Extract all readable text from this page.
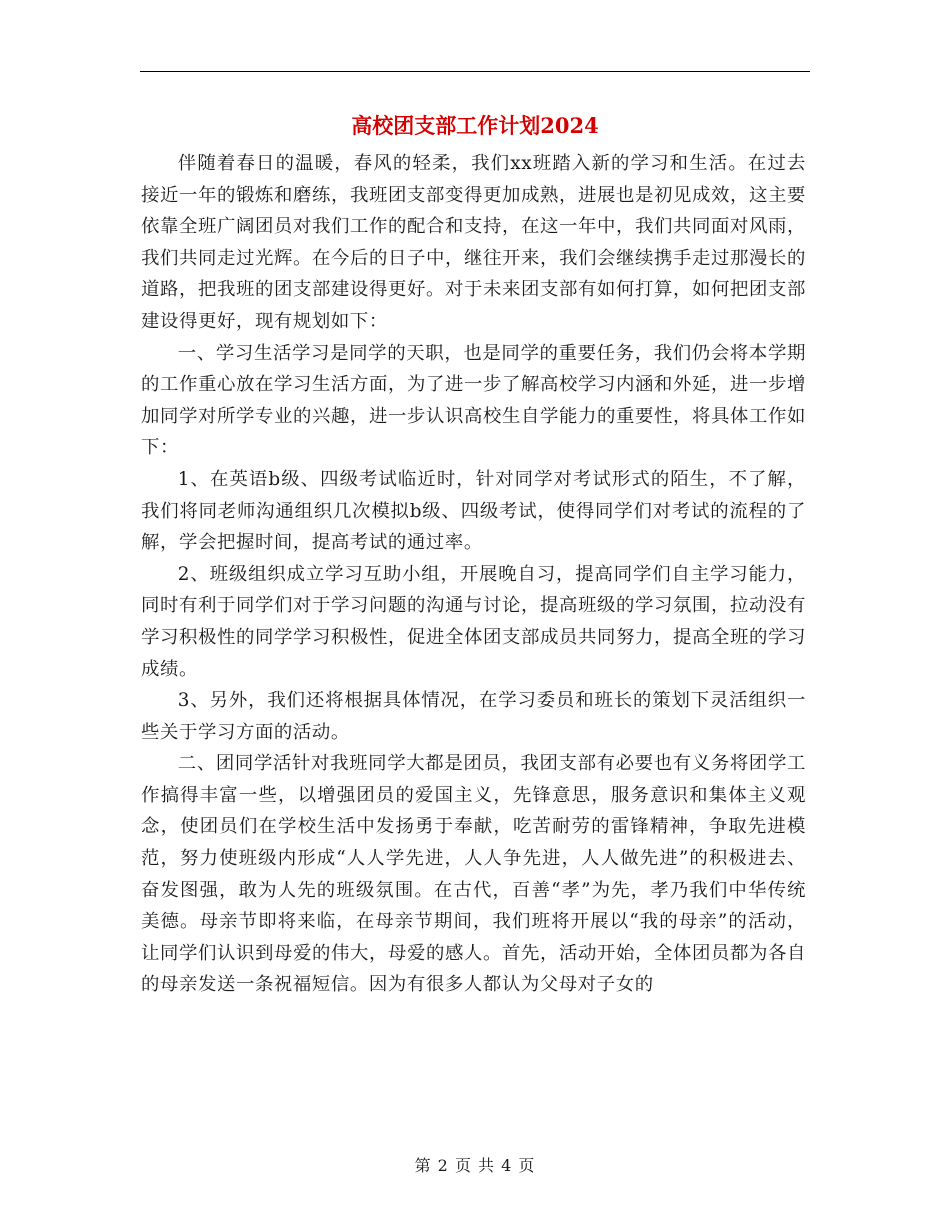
高校团支部工作计划2024

伴随着春日的温暖，春风的轻柔，我们xx班踏入新的学习和生活。在过去接近一年的锻炼和磨练，我班团支部变得更加成熟，进展也是初见成效，这主要依靠全班广阔团员对我们工作的配合和支持，在这一年中，我们共同面对风雨，我们共同走过光辉。在今后的日子中，继往开来，我们会继续携手走过那漫长的道路，把我班的团支部建设得更好。对于未来团支部有如何打算，如何把团支部建设得更好，现有规划如下：

一、学习生活学习是同学的天职，也是同学的重要任务，我们仍会将本学期的工作重心放在学习生活方面，为了进一步了解高校学习内涵和外延，进一步增加同学对所学专业的兴趣，进一步认识高校生自学能力的重要性，将具体工作如下：

1、在英语b级、四级考试临近时，针对同学对考试形式的陌生，不了解，我们将同老师沟通组织几次模拟b级、四级考试，使得同学们对考试的流程的了解，学会把握时间，提高考试的通过率。

2、班级组织成立学习互助小组，开展晚自习，提高同学们自主学习能力，同时有利于同学们对于学习问题的沟通与讨论，提高班级的学习氛围，拉动没有学习积极性的同学学习积极性，促进全体团支部成员共同努力，提高全班的学习成绩。

3、另外，我们还将根据具体情况，在学习委员和班长的策划下灵活组织一些关于学习方面的活动。

二、团同学活针对我班同学大都是团员，我团支部有必要也有义务将团学工作搞得丰富一些，以增强团员的爱国主义，先锋意思，服务意识和集体主义观念，使团员们在学校生活中发扬勇于奉献，吃苦耐劳的雷锋精神，争取先进模范，努力使班级内形成“人人学先进，人人争先进，人人做先进”的积极进去、奋发图强，敢为人先的班级氛围。在古代，百善“孝”为先，孝乃我们中华传统美德。母亲节即将来临，在母亲节期间，我们班将开展以“我的母亲”的活动，让同学们认识到母爱的伟大，母爱的感人。首先，活动开始，全体团员都为各自的母亲发送一条祝福短信。因为有很多人都认为父母对子女的

第 2 页 共 4 页
